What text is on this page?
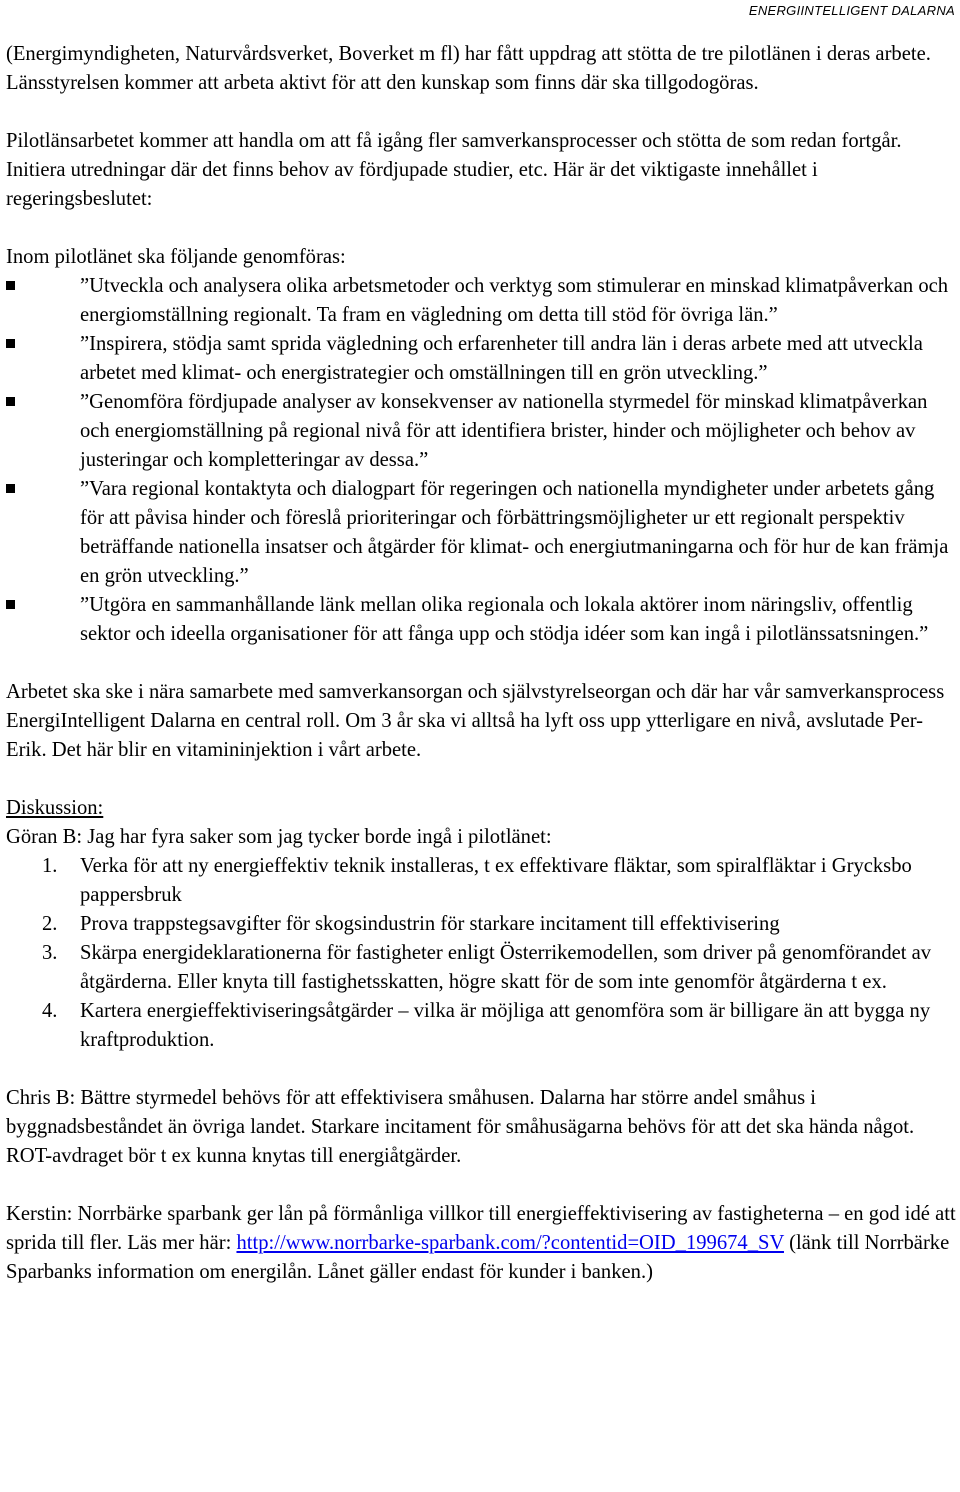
ENERGIINTELLIGENT DALARNA

(Energimyndigheten, Naturvårdsverket, Boverket m fl) har fått uppdrag att stötta de tre pilotlänen i deras arbete. Länsstyrelsen kommer att arbeta aktivt för att den kunskap som finns där ska tillgodogöras.

Pilotlänsarbetet kommer att handla om att få igång fler samverkansprocesser och stötta de som redan fortgår. Initiera utredningar där det finns behov av fördjupade studier, etc. Här är det viktigaste innehållet i regeringsbeslutet:

Inom pilotlänet ska följande genomföras:

”Utveckla och analysera olika arbetsmetoder och verktyg som stimulerar en minskad klimatpåverkan och energiomställning regionalt. Ta fram en vägledning om detta till stöd för övriga län.”
”Inspirera, stödja samt sprida vägledning och erfarenheter till andra län i deras arbete med att utveckla arbetet med klimat- och energistrategier och omställningen till en grön utveckling.”
”Genomföra fördjupade analyser av konsekvenser av nationella styrmedel för minskad klimatpåverkan och energiomställning på regional nivå för att identifiera brister, hinder och möjligheter och behov av justeringar och kompletteringar av dessa.”
”Vara regional kontaktyta och dialogpart för regeringen och nationella myndigheter under arbetets gång för att påvisa hinder och föreslå prioriteringar och förbättringsmöjligheter ur ett regionalt perspektiv beträffande nationella insatser och åtgärder för klimat- och energiutmaningarna och för hur de kan främja en grön utveckling.”
”Utgöra en sammanhållande länk mellan olika regionala och lokala aktörer inom näringsliv, offentlig sektor och ideella organisationer för att fånga upp och stödja idéer som kan ingå i pilotlänssatsningen.”

Arbetet ska ske i nära samarbete med samverkansorgan och självstyrelseorgan och där har vår samverkansprocess EnergiIntelligent Dalarna en central roll. Om 3 år ska vi alltså ha lyft oss upp ytterligare en nivå, avslutade Per-Erik. Det här blir en vitamininjektion i vårt arbete.

Diskussion:

Göran B: Jag har fyra saker som jag tycker borde ingå i pilotlänet:

1. Verka för att ny energieffektiv teknik installeras, t ex effektivare fläktar, som spiralfläktar i Grycksbo pappersbruk
2. Prova trappstegsavgifter för skogsindustrin för starkare incitament till effektivisering
3. Skärpa energideklarationerna för fastigheter enligt Österrikemodellen, som driver på genomförandet av åtgärderna. Eller knyta till fastighetsskatten, högre skatt för de som inte genomför åtgärderna t ex.
4. Kartera energieffektiviseringsåtgärder – vilka är möjliga att genomföra som är billigare än att bygga ny kraftproduktion.

Chris B: Bättre styrmedel behövs för att effektivisera småhusen. Dalarna har större andel småhus i byggnadsbeståndet än övriga landet. Starkare incitament för småhusägarna behövs för att det ska hända något. ROT-avdraget bör t ex kunna knytas till energiåtgärder.

Kerstin: Norrbärke sparbank ger lån på förmånliga villkor till energieffektivisering av fastigheterna – en god idé att sprida till fler. Läs mer här: http://www.norrbarke-sparbank.com/?contentid=OID_199674_SV (länk till Norrbärke Sparbanks information om energilån. Lånet gäller endast för kunder i banken.)
